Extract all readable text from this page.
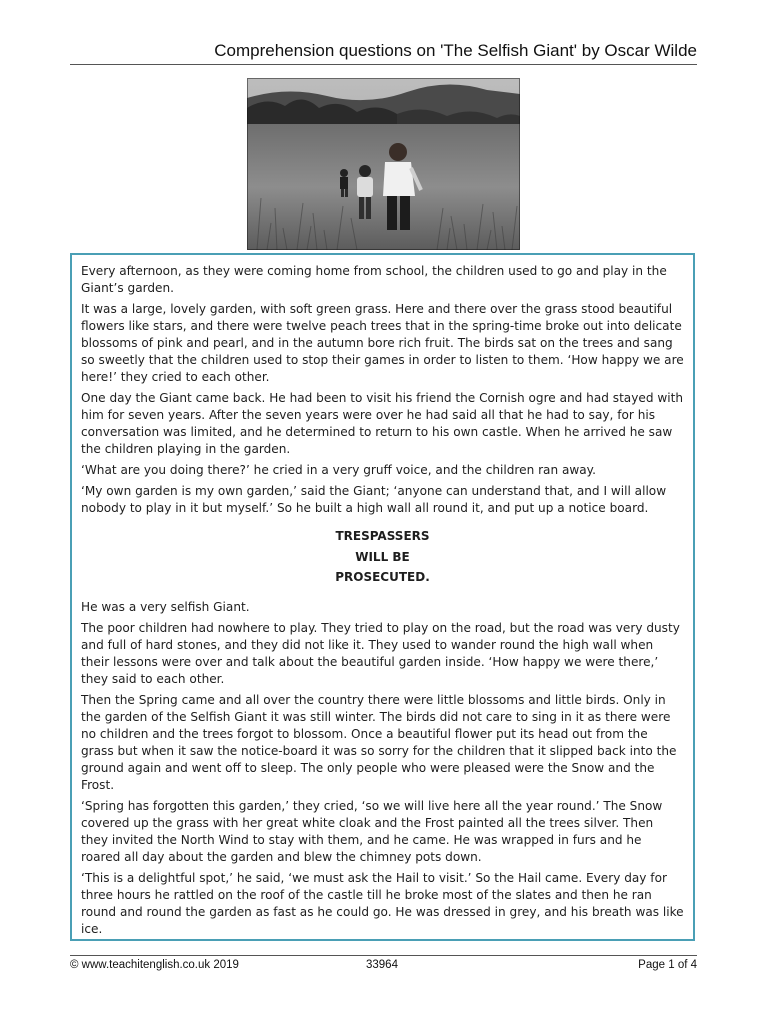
Comprehension questions on 'The Selfish Giant' by Oscar Wilde

Every afternoon, as they were coming home from school, the children used to go and play in the Giant’s garden.

It was a large, lovely garden, with soft green grass. Here and there over the grass stood beautiful flowers like stars, and there were twelve peach trees that in the spring-time broke out into delicate blossoms of pink and pearl, and in the autumn bore rich fruit. The birds sat on the trees and sang so sweetly that the children used to stop their games in order to listen to them. ‘How happy we are here!’ they cried to each other.

One day the Giant came back. He had been to visit his friend the Cornish ogre and had stayed with him for seven years. After the seven years were over he had said all that he had to say, for his conversation was limited, and he determined to return to his own castle. When he arrived he saw the children playing in the garden.

‘What are you doing there?’ he cried in a very gruff voice, and the children ran away.

‘My own garden is my own garden,’ said the Giant; ‘anyone can understand that, and I will allow nobody to play in it but myself.’ So he built a high wall all round it, and put up a notice board.

TRESPASSERS
WILL BE
PROSECUTED.

He was a very selfish Giant.

The poor children had nowhere to play. They tried to play on the road, but the road was very dusty and full of hard stones, and they did not like it. They used to wander round the high wall when their lessons were over and talk about the beautiful garden inside. ‘How happy we were there,’ they said to each other.

Then the Spring came and all over the country there were little blossoms and little birds. Only in the garden of the Selfish Giant it was still winter. The birds did not care to sing in it as there were no children and the trees forgot to blossom. Once a beautiful flower put its head out from the grass but when it saw the notice-board it was so sorry for the children that it slipped back into the ground again and went off to sleep. The only people who were pleased were the Snow and the Frost.

‘Spring has forgotten this garden,’ they cried, ‘so we will live here all the year round.’ The Snow covered up the grass with her great white cloak and the Frost painted all the trees silver. Then they invited the North Wind to stay with them, and he came. He was wrapped in furs and he roared all day about the garden and blew the chimney pots down.

‘This is a delightful spot,’ he said, ‘we must ask the Hail to visit.’ So the Hail came. Every day for three hours he rattled on the roof of the castle till he broke most of the slates and then he ran round and round the garden as fast as he could go. He was dressed in grey, and his breath was like ice.

© www.teachitenglish.co.uk 2019	33964	Page 1 of 4
